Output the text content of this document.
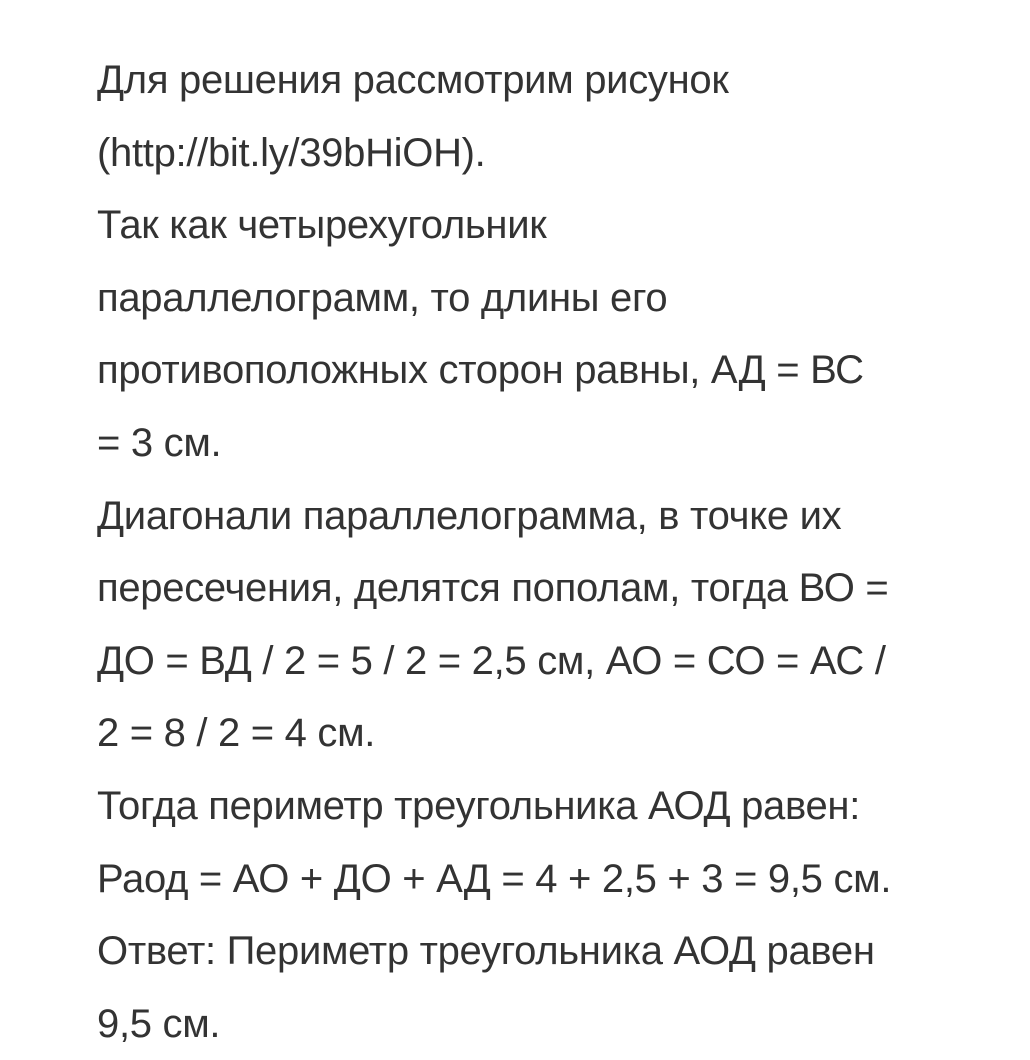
Для решения рассмотрим рисунок
(http://bit.ly/39bHiOH).
Так как четырехугольник
параллелограмм, то длины его
противоположных сторон равны, АД = ВС
= 3 см.
Диагонали параллелограмма, в точке их
пересечения, делятся пополам, тогда ВО =
ДО = ВД / 2 = 5 / 2 = 2,5 см, АО = СО = АС /
2 = 8 / 2 = 4 см.
Тогда периметр треугольника АОД равен:
Раод = АО + ДО + АД = 4 + 2,5 + 3 = 9,5 см.
Ответ: Периметр треугольника АОД равен
9,5 см.
